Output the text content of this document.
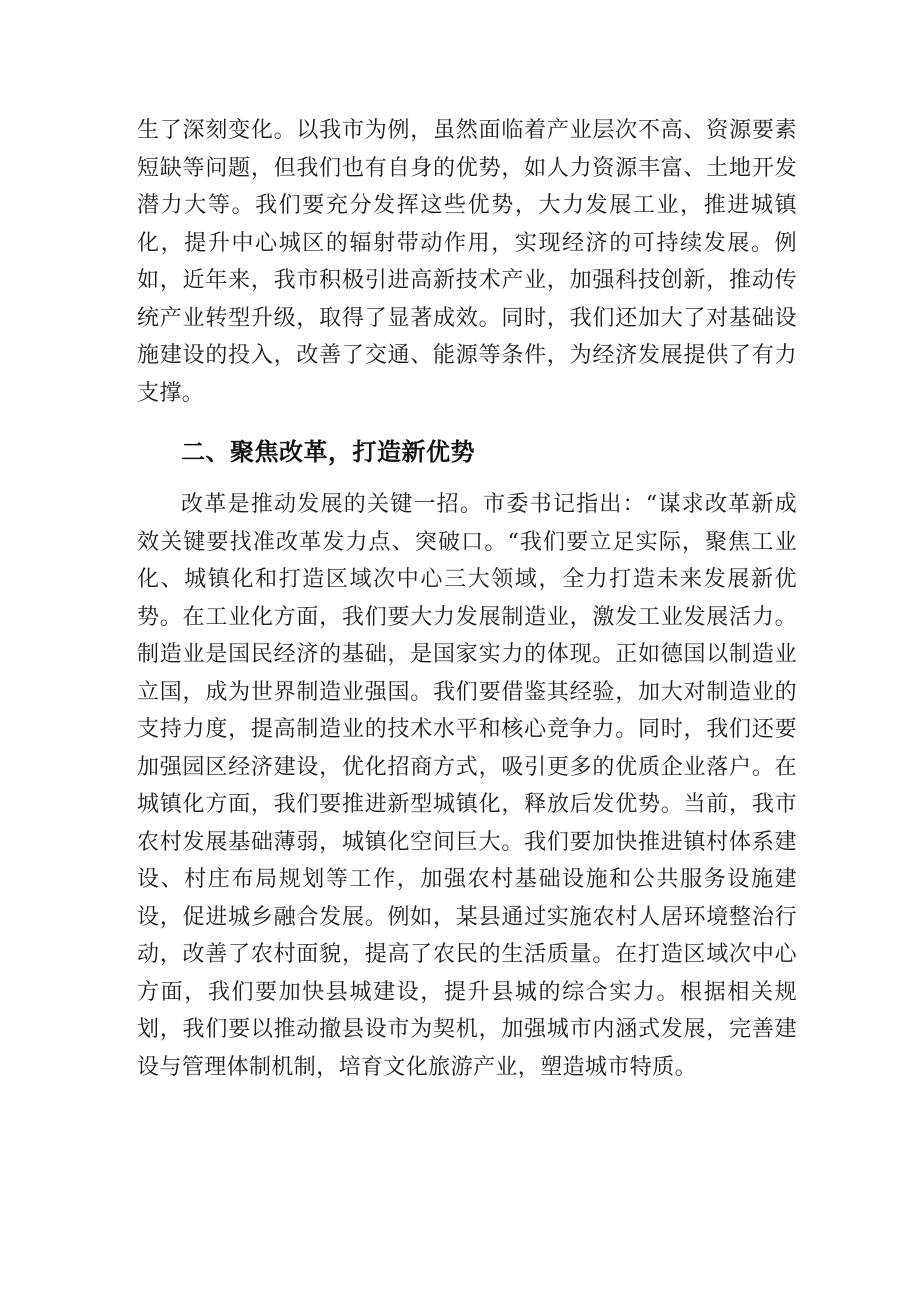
生了深刻变化。以我市为例，虽然面临着产业层次不高、资源要素短缺等问题，但我们也有自身的优势，如人力资源丰富、土地开发潜力大等。我们要充分发挥这些优势，大力发展工业，推进城镇化，提升中心城区的辐射带动作用，实现经济的可持续发展。例如，近年来，我市积极引进高新技术产业，加强科技创新，推动传统产业转型升级，取得了显著成效。同时，我们还加大了对基础设施建设的投入，改善了交通、能源等条件，为经济发展提供了有力支撑。

二、聚焦改革，打造新优势

改革是推动发展的关键一招。市委书记指出：“谋求改革新成效关键要找准改革发力点、突破口。“我们要立足实际，聚焦工业化、城镇化和打造区域次中心三大领域，全力打造未来发展新优势。在工业化方面，我们要大力发展制造业，激发工业发展活力。制造业是国民经济的基础，是国家实力的体现。正如德国以制造业立国，成为世界制造业强国。我们要借鉴其经验，加大对制造业的支持力度，提高制造业的技术水平和核心竞争力。同时，我们还要加强园区经济建设，优化招商方式，吸引更多的优质企业落户。在城镇化方面，我们要推进新型城镇化，释放后发优势。当前，我市农村发展基础薄弱，城镇化空间巨大。我们要加快推进镇村体系建设、村庄布局规划等工作，加强农村基础设施和公共服务设施建设，促进城乡融合发展。例如，某县通过实施农村人居环境整治行动，改善了农村面貌，提高了农民的生活质量。在打造区域次中心方面，我们要加快县城建设，提升县城的综合实力。根据相关规划，我们要以推动撤县设市为契机，加强城市内涵式发展，完善建设与管理体制机制，培育文化旅游产业，塑造城市特质。
